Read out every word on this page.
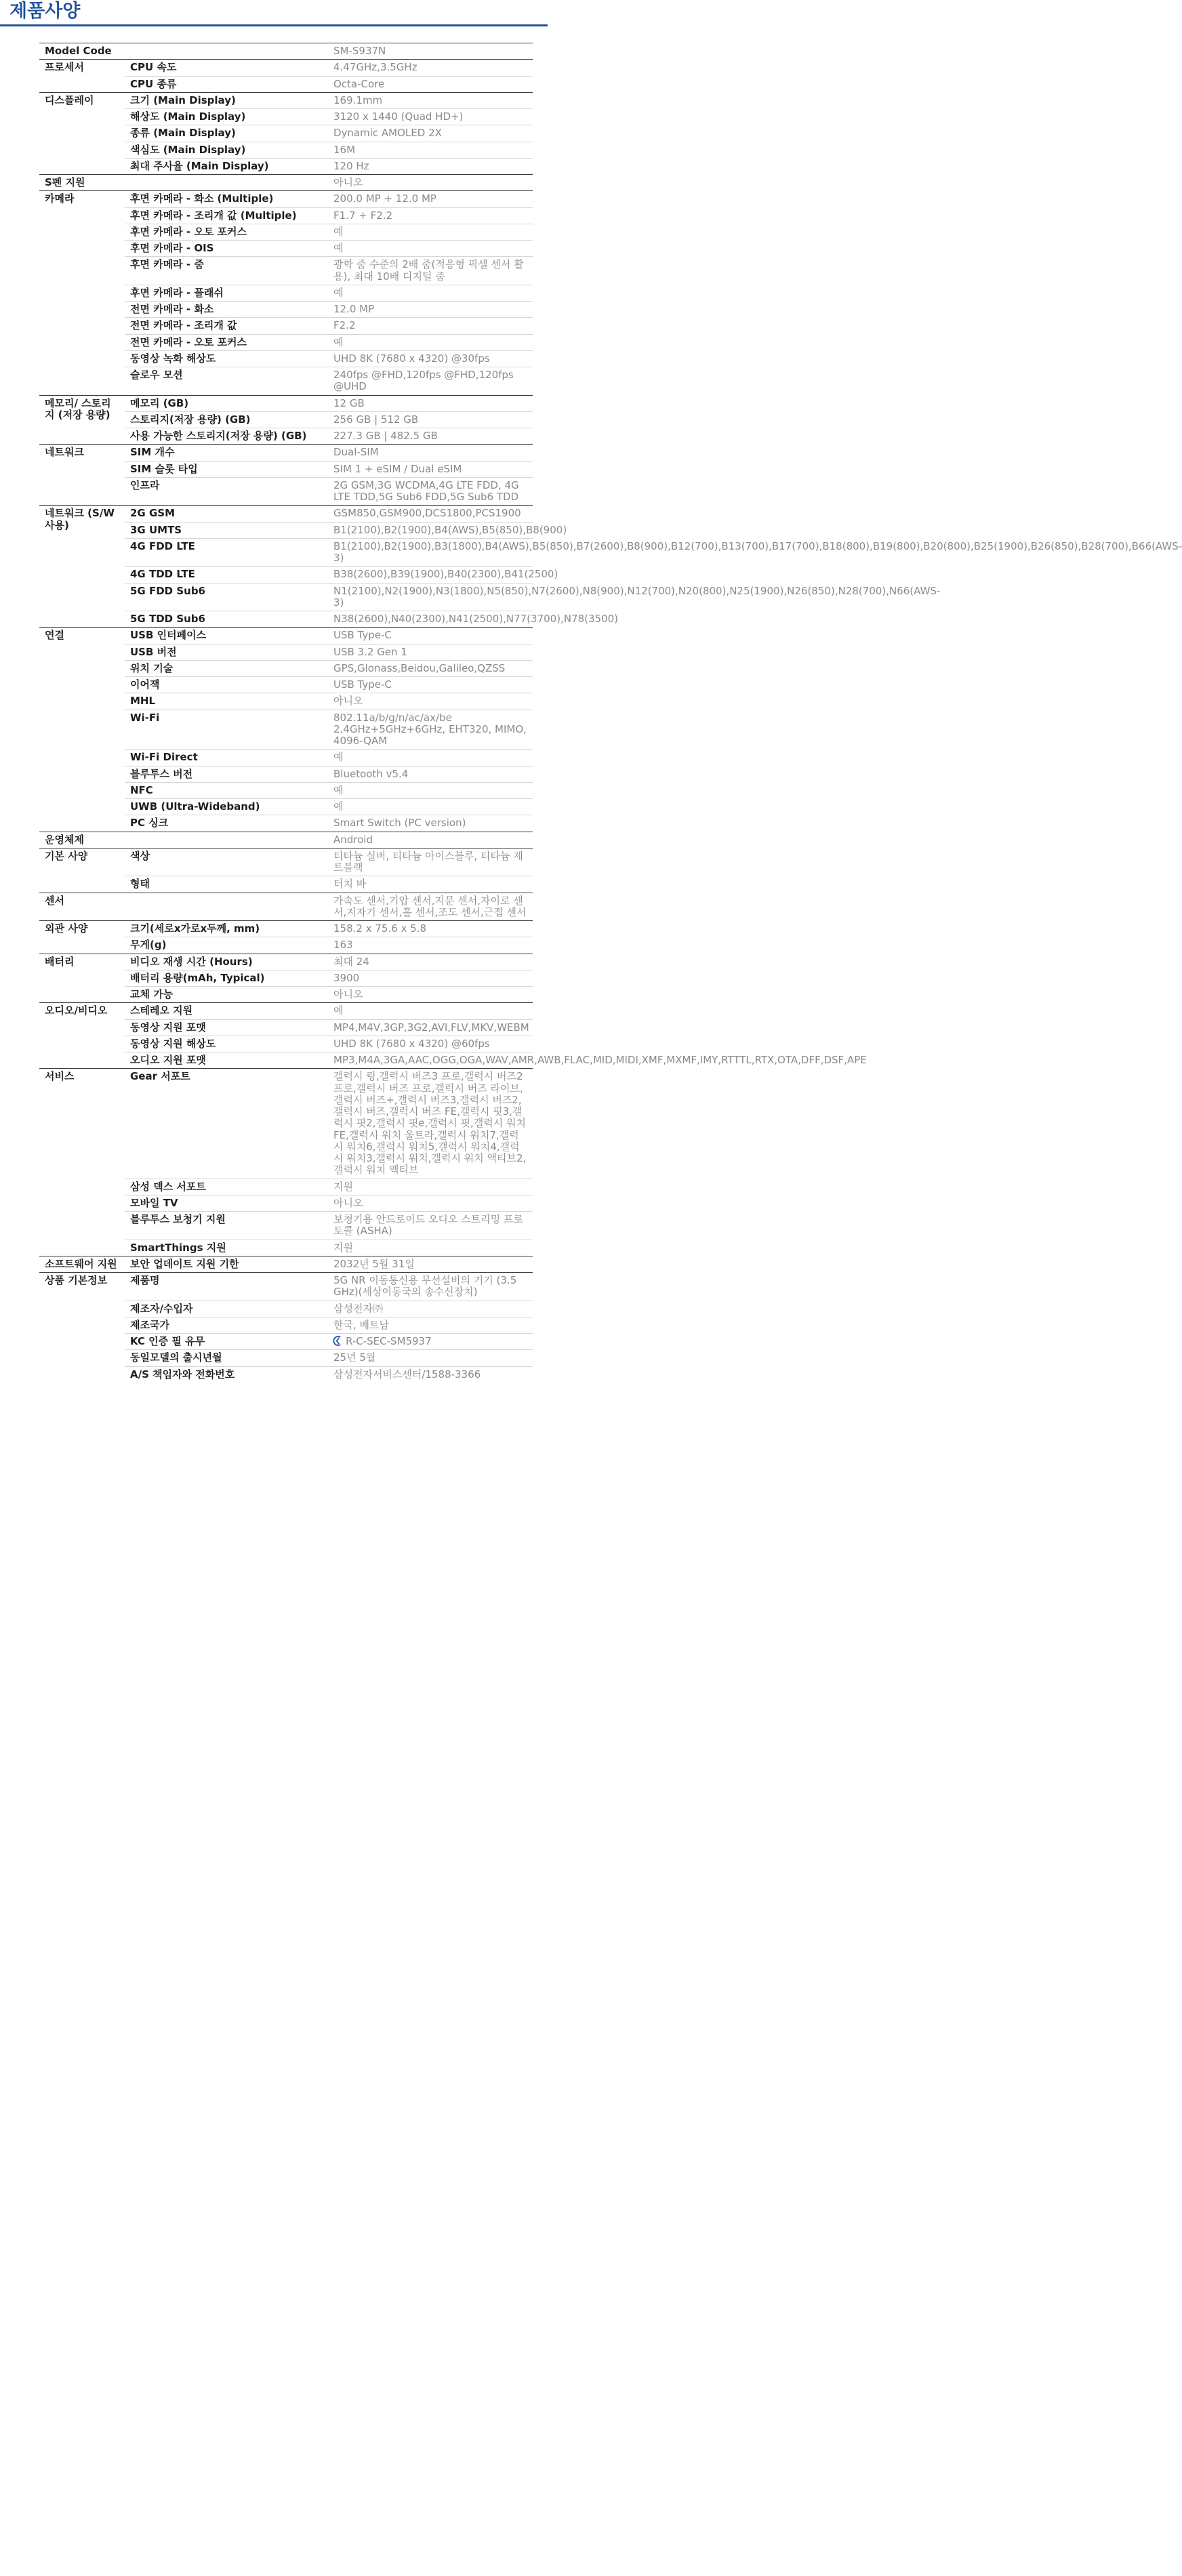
제품사양
Model Code		SM-S937N
프로세서	CPU 속도	4.47GHz,3.5GHz
	CPU 종류	Octa-Core
디스플레이	크기 (Main Display)	169.1mm
	해상도 (Main Display)	3120 x 1440 (Quad HD+)
	종류 (Main Display)	Dynamic AMOLED 2X
	색심도 (Main Display)	16M
	최대 주사율 (Main Display)	120 Hz
S펜 지원		아니오
카메라	후면 카메라 - 화소 (Multiple)	200.0 MP + 12.0 MP
	후면 카메라 - 조리개 값 (Multiple)	F1.7 + F2.2
	후면 카메라 - 오토 포커스	예
	후면 카메라 - OIS	예
	후면 카메라 - 줌	광학 줌 수준의 2배 줌(적응형 픽셀 센서 활용), 최대 10배 디지털 줌
	후면 카메라 - 플래쉬	예
	전면 카메라 - 화소	12.0 MP
	전면 카메라 - 조리개 값	F2.2
	전면 카메라 - 오토 포커스	예
	동영상 녹화 해상도	UHD 8K (7680 x 4320) @30fps
	슬로우 모션	240fps @FHD,120fps @FHD,120fps @UHD
메모리/ 스토리지 (저장 용량)	메모리 (GB)	12 GB
	스토리지(저장 용량) (GB)	256 GB | 512 GB
	사용 가능한 스토리지(저장 용량) (GB)	227.3 GB | 482.5 GB
네트워크	SIM 개수	Dual-SIM
	SIM 슬롯 타입	SIM 1 + eSIM / Dual eSIM
	인프라	2G GSM,3G WCDMA,4G LTE FDD, 4G LTE TDD,5G Sub6 FDD,5G Sub6 TDD
네트워크 (S/W 사용)	2G GSM	GSM850,GSM900,DCS1800,PCS1900
	3G UMTS	B1(2100),B2(1900),B4(AWS),B5(850),B8(900)
	4G FDD LTE	B1(2100),B2(1900),B3(1800),B4(AWS),B5(850),B7(2600),B8(900),B12(700),B13(700),B17(700),B18(800),B19(800),B20(800),B25(1900),B26(850),B28(700),B66(AWS-3)
	4G TDD LTE	B38(2600),B39(1900),B40(2300),B41(2500)
	5G FDD Sub6	N1(2100),N2(1900),N3(1800),N5(850),N7(2600),N8(900),N12(700),N20(800),N25(1900),N26(850),N28(700),N66(AWS-3)
	5G TDD Sub6	N38(2600),N40(2300),N41(2500),N77(3700),N78(3500)
연결	USB 인터페이스	USB Type-C
	USB 버전	USB 3.2 Gen 1
	위치 기술	GPS,Glonass,Beidou,Galileo,QZSS
	이어잭	USB Type-C
	MHL	아니오
	Wi-Fi	802.11a/b/g/n/ac/ax/be 2.4GHz+5GHz+6GHz, EHT320, MIMO, 4096-QAM
	Wi-Fi Direct	예
	블루투스 버전	Bluetooth v5.4
	NFC	예
	UWB (Ultra-Wideband)	예
	PC 싱크	Smart Switch (PC version)
운영체제		Android
기본 사양	색상	티타늄 실버, 티타늄 아이스블루, 티타늄 제트블랙
	형태	터치 바
센서		가속도 센서,기압 센서,지문 센서,자이로 센서,지자기 센서,홀 센서,조도 센서,근접 센서
외관 사양	크기(세로x가로x두께, mm)	158.2 x 75.6 x 5.8
	무게(g)	163
배터리	비디오 재생 시간 (Hours)	최대 24
	배터리 용량(mAh, Typical)	3900
	교체 가능	아니오
오디오/비디오	스테레오 지원	예
	동영상 지원 포맷	MP4,M4V,3GP,3G2,AVI,FLV,MKV,WEBM
	동영상 지원 해상도	UHD 8K (7680 x 4320) @60fps
	오디오 지원 포맷	MP3,M4A,3GA,AAC,OGG,OGA,WAV,AMR,AWB,FLAC,MID,MIDI,XMF,MXMF,IMY,RTTTL,RTX,OTA,DFF,DSF,APE
서비스	Gear 서포트	갤럭시 링,갤럭시 버즈3 프로,갤럭시 버즈2 프로,갤럭시 버즈 프로,갤럭시 버즈 라이브,갤럭시 버즈+,갤럭시 버즈3,갤럭시 버즈2,갤럭시 버즈,갤럭시 버즈 FE,갤럭시 핏3,갤럭시 핏2,갤럭시 핏e,갤럭시 핏,갤럭시 워치 FE,갤럭시 워치 울트라,갤럭시 워치7,갤럭시 워치6,갤럭시 워치5,갤럭시 워치4,갤럭시 워치3,갤럭시 워치,갤럭시 워치 액티브2,갤럭시 워치 액티브
	삼성 덱스 서포트	지원
	모바일 TV	아니오
	블루투스 보청기 지원	보청기용 안드로이드 오디오 스트리밍 프로토콜 (ASHA)
	SmartThings 지원	지원
소프트웨어 지원	보안 업데이트 지원 기한	2032년 5월 31일
상품 기본정보	제품명	5G NR 이동통신용 무선설비의 기기 (3.5 GHz)(세상이동국의 송수신장치)
	제조자/수입자	삼성전자㈜
	제조국가	한국, 베트남
	KC 인증 필 유무	R-C-SEC-SM5937
	동일모델의 출시년월	25년 5월
	A/S 책임자와 전화번호	삼성전자서비스센터/1588-3366
